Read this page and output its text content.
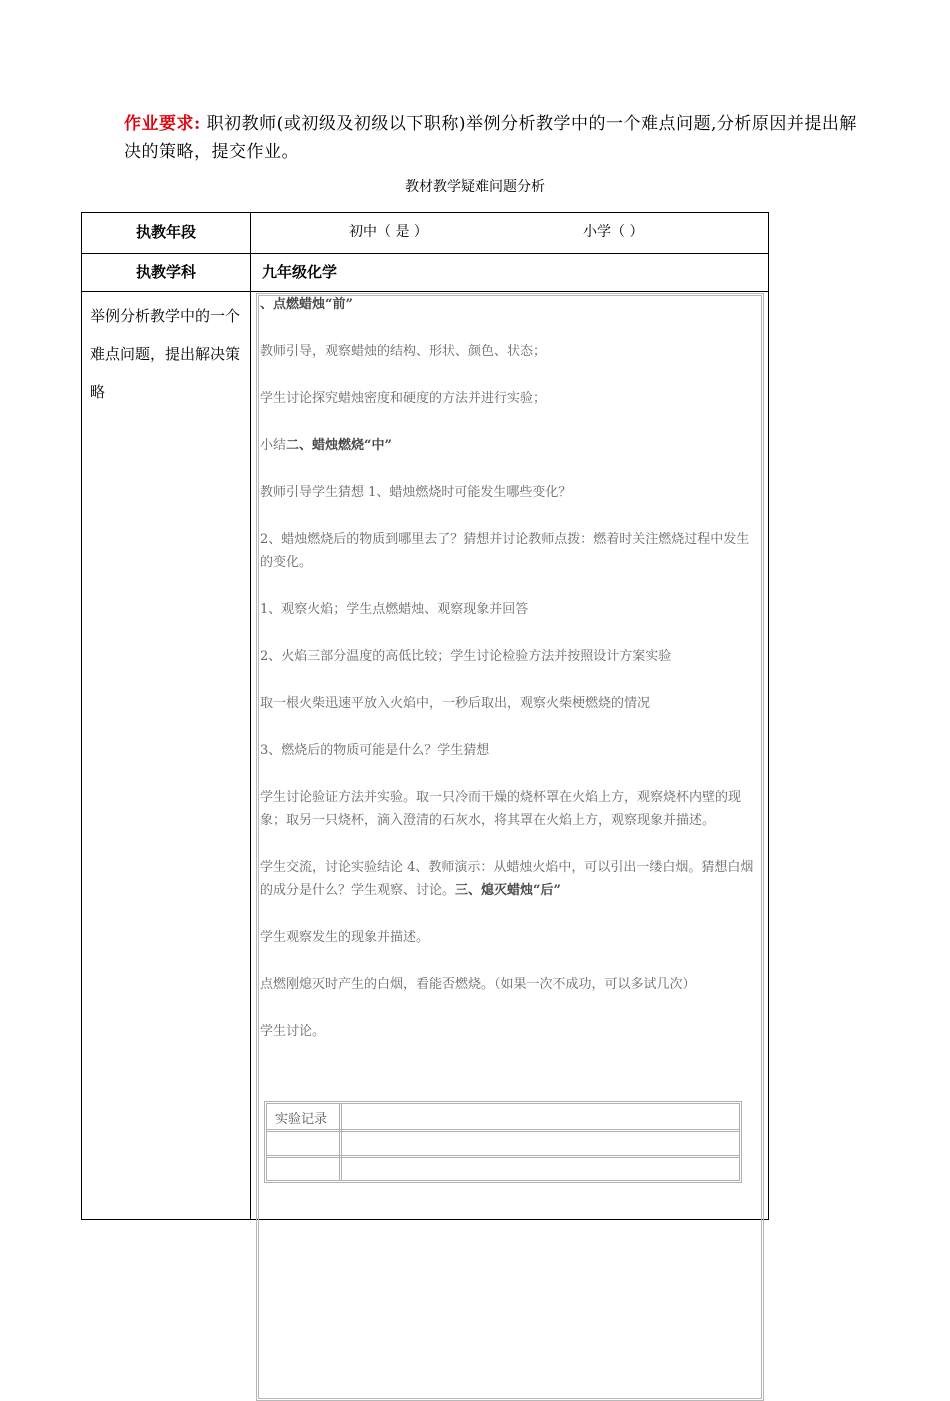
作业要求: 职初教师(或初级及初级以下职称)举例分析教学中的一个难点问题,分析原因并提出解决的策略，提交作业。
教材教学疑难问题分析
执教年段	初中（ 是 ）	小学（ ）
执教学科	九年级化学
举例分析教学中的一个难点问题，提出解决策略

、点燃蜡烛“前”

教师引导，观察蜡烛的结构、形状、颜色、状态；

学生讨论探究蜡烛密度和硬度的方法并进行实验；

小结二、蜡烛燃烧“中”

教师引导学生猜想 1、蜡烛燃烧时可能发生哪些变化？

2、蜡烛燃烧后的物质到哪里去了？猜想并讨论教师点拨：燃着时关注燃烧过程中发生的变化。

1、观察火焰；学生点燃蜡烛、观察现象并回答

2、火焰三部分温度的高低比较；学生讨论检验方法并按照设计方案实验

取一根火柴迅速平放入火焰中，一秒后取出，观察火柴梗燃烧的情况

3、燃烧后的物质可能是什么？学生猜想

学生讨论验证方法并实验。取一只冷而干燥的烧杯罩在火焰上方，观察烧杯内壁的现象；取另一只烧杯，滴入澄清的石灰水，将其罩在火焰上方，观察现象并描述。

学生交流，讨论实验结论 4、教师演示：从蜡烛火焰中，可以引出一缕白烟。猜想白烟的成分是什么？学生观察、讨论。三、熄灭蜡烛“后”

学生观察发生的现象并描述。

点燃刚熄灭时产生的白烟，看能否燃烧。（如果一次不成功，可以多试几次）

学生讨论。

实验记录
